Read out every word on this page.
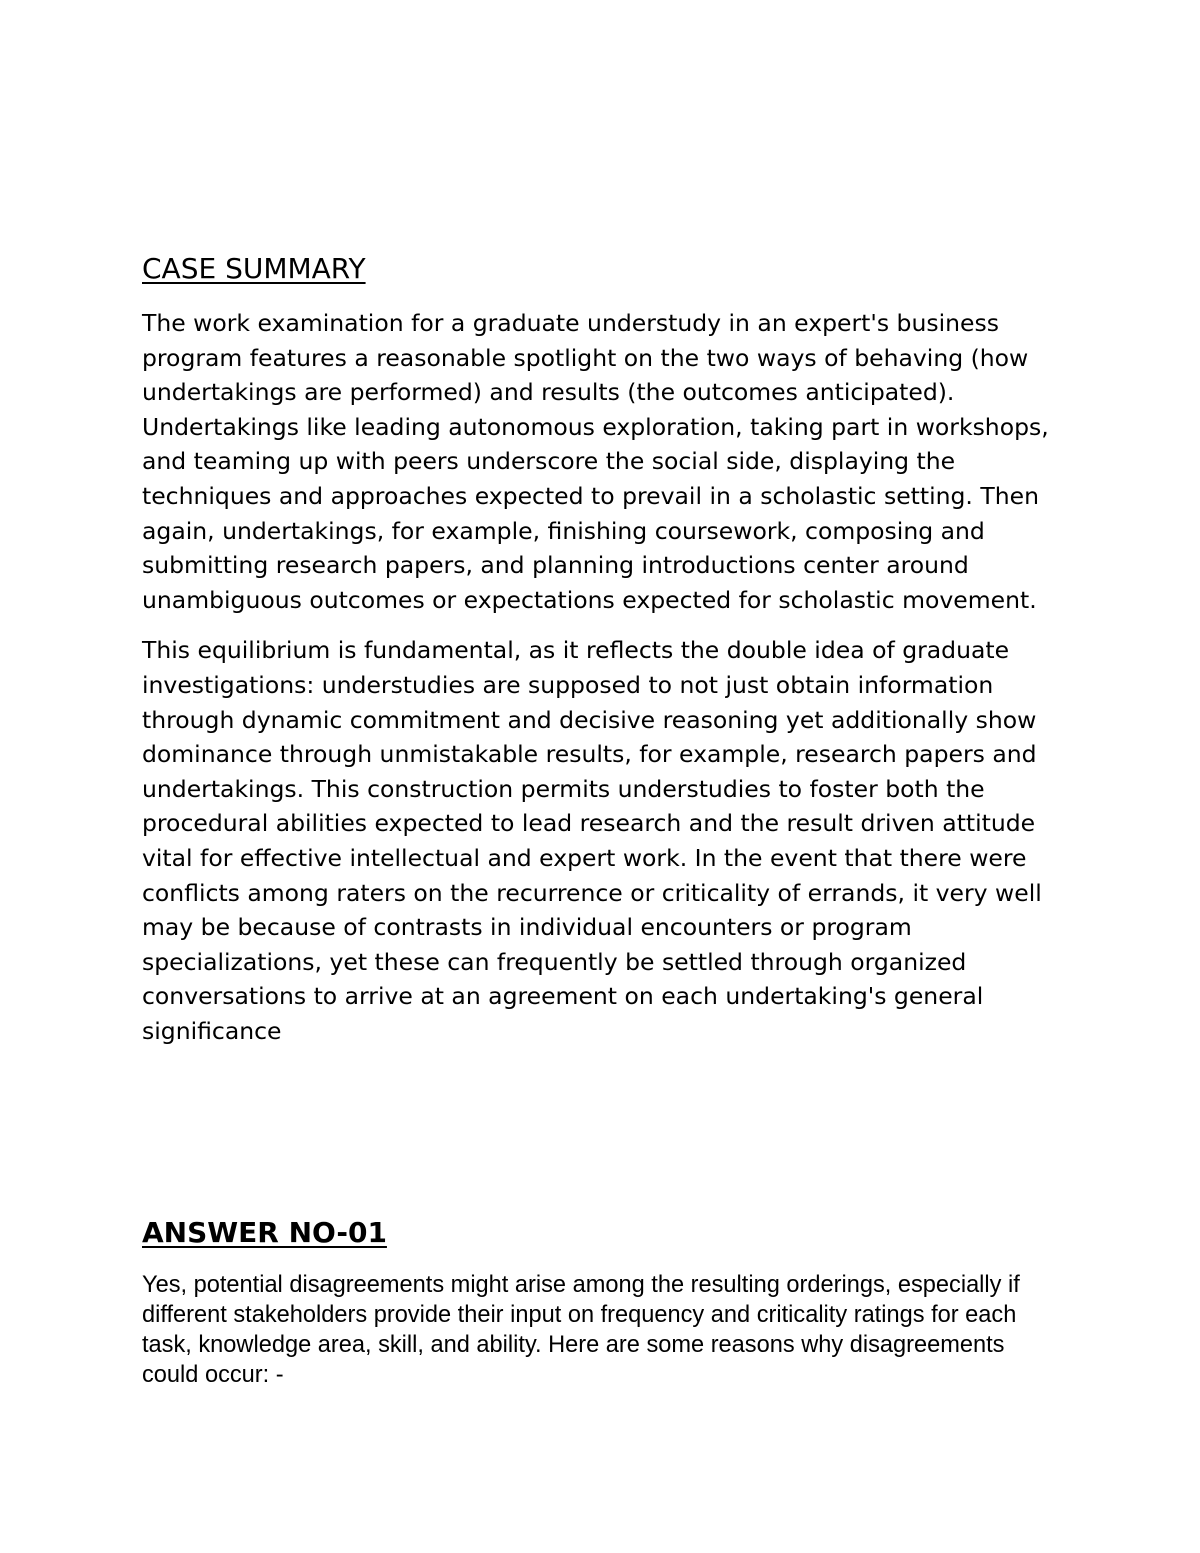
CASE SUMMARY

The work examination for a graduate understudy in an expert's business program features a reasonable spotlight on the two ways of behaving (how undertakings are performed) and results (the outcomes anticipated). Undertakings like leading autonomous exploration, taking part in workshops, and teaming up with peers underscore the social side, displaying the techniques and approaches expected to prevail in a scholastic setting. Then again, undertakings, for example, finishing coursework, composing and submitting research papers, and planning introductions center around unambiguous outcomes or expectations expected for scholastic movement.

This equilibrium is fundamental, as it reflects the double idea of graduate investigations: understudies are supposed to not just obtain information through dynamic commitment and decisive reasoning yet additionally show dominance through unmistakable results, for example, research papers and undertakings. This construction permits understudies to foster both the procedural abilities expected to lead research and the result driven attitude vital for effective intellectual and expert work. In the event that there were conflicts among raters on the recurrence or criticality of errands, it very well may be because of contrasts in individual encounters or program specializations, yet these can frequently be settled through organized conversations to arrive at an agreement on each undertaking's general significance

ANSWER NO-01

Yes, potential disagreements might arise among the resulting orderings, especially if different stakeholders provide their input on frequency and criticality ratings for each task, knowledge area, skill, and ability. Here are some reasons why disagreements could occur: -
